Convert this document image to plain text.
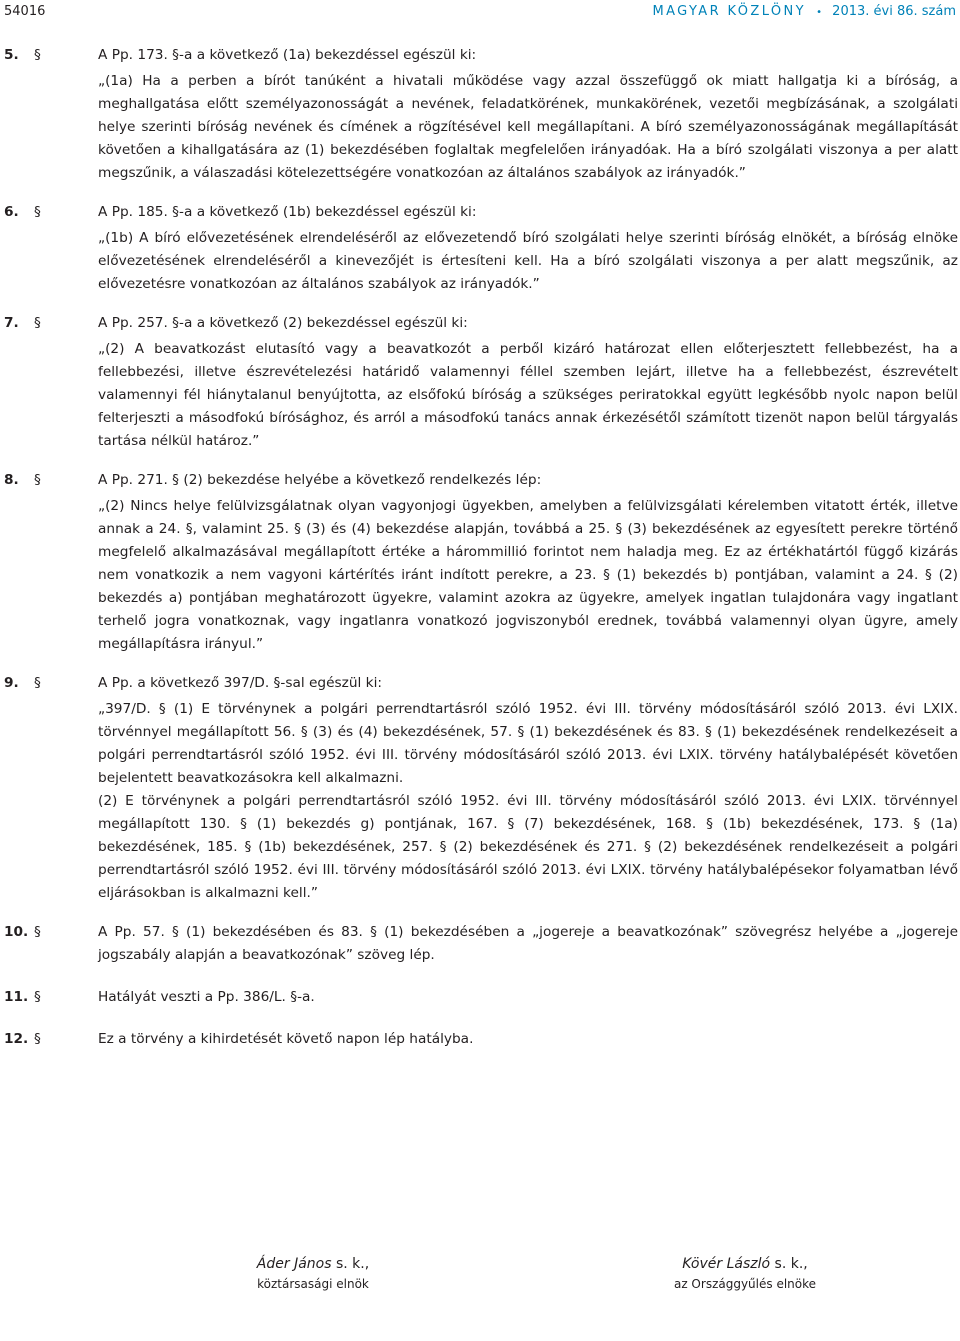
54016	MAGYAR KÖZLÖNY • 2013. évi 86. szám
5.	§	A Pp. 173. §-a a következő (1a) bekezdéssel egészül ki:

„(1a) Ha a perben a bírót tanúként a hivatali működése vagy azzal összefüggő ok miatt hallgatja ki a bíróság, a meghallgatása előtt személyazonosságát a nevének, feladatkörének, munkakörének, vezetői megbízásának, a szolgálati helye szerinti bíróság nevének és címének a rögzítésével kell megállapítani. A bíró személyazonosságának megállapítását követően a kihallgatására az (1) bekezdésében foglaltak megfelelően irányadóak. Ha a bíró szolgálati viszonya a per alatt megszűnik, a válaszadási kötelezettségére vonatkozóan az általános szabályok az irányadók.”

6.	§	A Pp. 185. §-a a következő (1b) bekezdéssel egészül ki:

„(1b) A bíró elővezetésének elrendeléséről az elővezetendő bíró szolgálati helye szerinti bíróság elnökét, a bíróság elnöke elővezetésének elrendeléséről a kinevezőjét is értesíteni kell. Ha a bíró szolgálati viszonya a per alatt megszűnik, az elővezetésre vonatkozóan az általános szabályok az irányadók.”

7.	§	A Pp. 257. §-a a következő (2) bekezdéssel egészül ki:

„(2) A beavatkozást elutasító vagy a beavatkozót a perből kizáró határozat ellen előterjesztett fellebbezést, ha a fellebbezési, illetve észrevételezési határidő valamennyi féllel szemben lejárt, illetve ha a fellebbezést, észrevételt valamennyi fél hiánytalanul benyújtotta, az elsőfokú bíróság a szükséges periratokkal együtt legkésőbb nyolc napon belül felterjeszti a másodfokú bírósághoz, és arról a másodfokú tanács annak érkezésétől számított tizenöt napon belül tárgyalás tartása nélkül határoz.”

8.	§	A Pp. 271. § (2) bekezdése helyébe a következő rendelkezés lép:

„(2) Nincs helye felülvizsgálatnak olyan vagyonjogi ügyekben, amelyben a felülvizsgálati kérelemben vitatott érték, illetve annak a 24. §, valamint 25. § (3) és (4) bekezdése alapján, továbbá a 25. § (3) bekezdésének az egyesített perekre történő megfelelő alkalmazásával megállapított értéke a hárommillió forintot nem haladja meg. Ez az értékhatártól függő kizárás nem vonatkozik a nem vagyoni kártérítés iránt indított perekre, a 23. § (1) bekezdés b) pontjában, valamint a 24. § (2) bekezdés a) pontjában meghatározott ügyekre, valamint azokra az ügyekre, amelyek ingatlan tulajdonára vagy ingatlant terhelő jogra vonatkoznak, vagy ingatlanra vonatkozó jogviszonyból erednek, továbbá valamennyi olyan ügyre, amely megállapításra irányul.”

9.	§	A Pp. a következő 397/D. §-sal egészül ki:

„397/D. § (1) E törvénynek a polgári perrendtartásról szóló 1952. évi III. törvény módosításáról szóló 2013. évi LXIX. törvénnyel megállapított 56. § (3) és (4) bekezdésének, 57. § (1) bekezdésének és 83. § (1) bekezdésének rendelkezéseit a polgári perrendtartásról szóló 1952. évi III. törvény módosításáról szóló 2013. évi LXIX. törvény hatálybalépését követően bejelentett beavatkozásokra kell alkalmazni.

(2) E törvénynek a polgári perrendtartásról szóló 1952. évi III. törvény módosításáról szóló 2013. évi LXIX. törvénnyel megállapított 130. § (1) bekezdés g) pontjának, 167. § (7) bekezdésének, 168. § (1b) bekezdésének, 173. § (1a) bekezdésének, 185. § (1b) bekezdésének, 257. § (2) bekezdésének és 271. § (2) bekezdésének rendelkezéseit a polgári perrendtartásról szóló 1952. évi III. törvény módosításáról szóló 2013. évi LXIX. törvény hatálybalépésekor folyamatban lévő eljárásokban is alkalmazni kell.”

10. §	A Pp. 57. § (1) bekezdésében és 83. § (1) bekezdésében a „jogereje a beavatkozónak” szövegrész helyébe a „jogereje jogszabály alapján a beavatkozónak” szöveg lép.

11. §	Hatályát veszti a Pp. 386/L. §-a.

12. §	Ez a törvény a kihirdetését követő napon lép hatályba.

Áder János s. k.,
köztársasági elnök
Kövér László s. k.,
az Országgyűlés elnöke
